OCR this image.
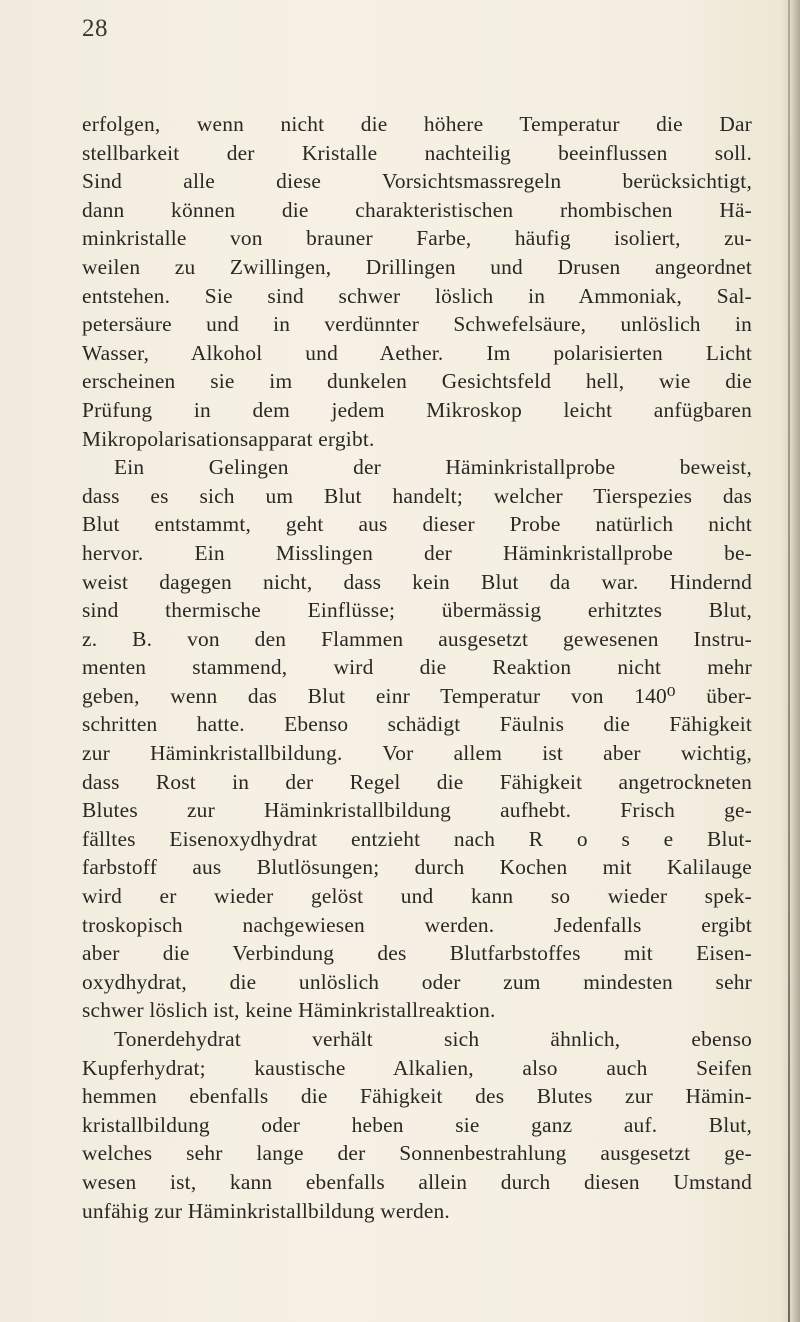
28
erfolgen, wenn nicht die höhere Temperatur die Dar
stellbarkeit der Kristalle nachteilig beeinflussen soll.
Sind alle diese Vorsichtsmassregeln berücksichtigt,
dann können die charakteristischen rhombischen Hä-
minkristalle von brauner Farbe, häufig isoliert, zu-
weilen zu Zwillingen, Drillingen und Drusen angeordnet
entstehen. Sie sind schwer löslich in Ammoniak, Sal-
petersäure und in verdünnter Schwefelsäure, unlöslich in
Wasser, Alkohol und Aether. Im polarisierten Licht
erscheinen sie im dunkelen Gesichtsfeld hell, wie die
Prüfung in dem jedem Mikroskop leicht anfügbaren
Mikropolarisationsapparat ergibt.
Ein Gelingen der Häminkristallprobe beweist,
dass es sich um Blut handelt; welcher Tierspezies das
Blut entstammt, geht aus dieser Probe natürlich nicht
hervor. Ein Misslingen der Häminkristallprobe be-
weist dagegen nicht, dass kein Blut da war. Hindernd
sind thermische Einflüsse; übermässig erhitztes Blut,
z. B. von den Flammen ausgesetzt gewesenen Instru-
menten stammend, wird die Reaktion nicht mehr
geben, wenn das Blut einr Temperatur von 140⁰ über-
schritten hatte. Ebenso schädigt Fäulnis die Fähigkeit
zur Häminkristallbildung. Vor allem ist aber wichtig,
dass Rost in der Regel die Fähigkeit angetrockneten
Blutes zur Häminkristallbildung aufhebt. Frisch ge-
fälltes Eisenoxydhydrat entzieht nach R o s e Blut-
farbstoff aus Blutlösungen; durch Kochen mit Kalilauge
wird er wieder gelöst und kann so wieder spek-
troskopisch nachgewiesen werden. Jedenfalls ergibt
aber die Verbindung des Blutfarbstoffes mit Eisen-
oxydhydrat, die unlöslich oder zum mindesten sehr
schwer löslich ist, keine Häminkristallreaktion.
Tonerdehydrat verhält sich ähnlich, ebenso
Kupferhydrat; kaustische Alkalien, also auch Seifen
hemmen ebenfalls die Fähigkeit des Blutes zur Hämin-
kristallbildung oder heben sie ganz auf. Blut,
welches sehr lange der Sonnenbestrahlung ausgesetzt ge-
wesen ist, kann ebenfalls allein durch diesen Umstand
unfähig zur Häminkristallbildung werden.
